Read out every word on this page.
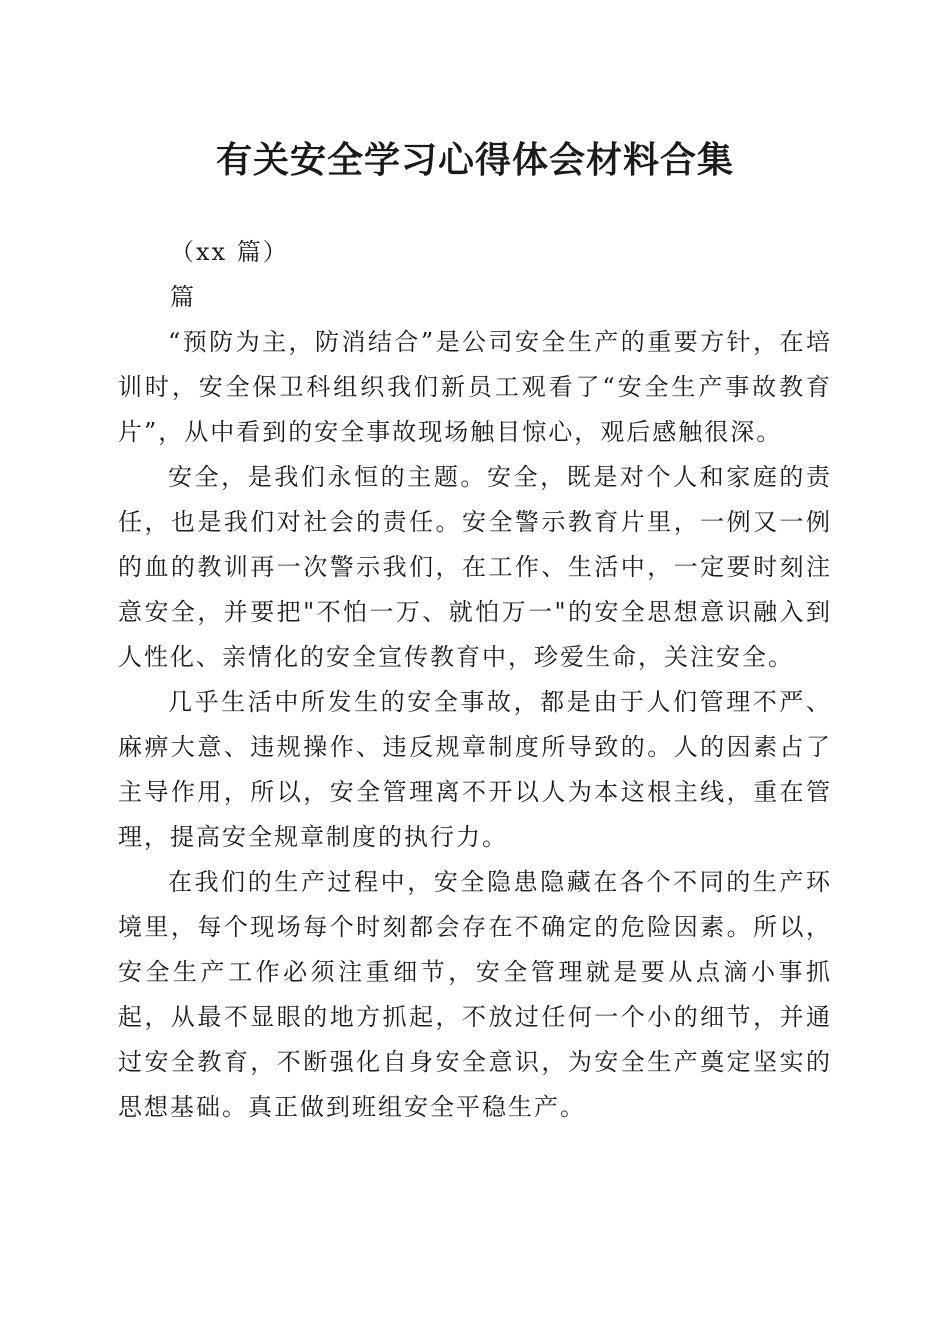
有关安全学习心得体会材料合集
（xx 篇）
篇

“预防为主，防消结合”是公司安全生产的重要方针，在培训时，安全保卫科组织我们新员工观看了“安全生产事故教育片”，从中看到的安全事故现场触目惊心，观后感触很深。

安全，是我们永恒的主题。安全，既是对个人和家庭的责任，也是我们对社会的责任。安全警示教育片里，一例又一例的血的教训再一次警示我们，在工作、生活中，一定要时刻注意安全，并要把"不怕一万、就怕万一"的安全思想意识融入到人性化、亲情化的安全宣传教育中，珍爱生命，关注安全。

几乎生活中所发生的安全事故，都是由于人们管理不严、麻痹大意、违规操作、违反规章制度所导致的。人的因素占了主导作用，所以，安全管理离不开以人为本这根主线，重在管理，提高安全规章制度的执行力。

在我们的生产过程中，安全隐患隐藏在各个不同的生产环境里，每个现场每个时刻都会存在不确定的危险因素。所以，安全生产工作必须注重细节，安全管理就是要从点滴小事抓起，从最不显眼的地方抓起，不放过任何一个小的细节，并通过安全教育，不断强化自身安全意识，为安全生产奠定坚实的思想基础。真正做到班组安全平稳生产。
